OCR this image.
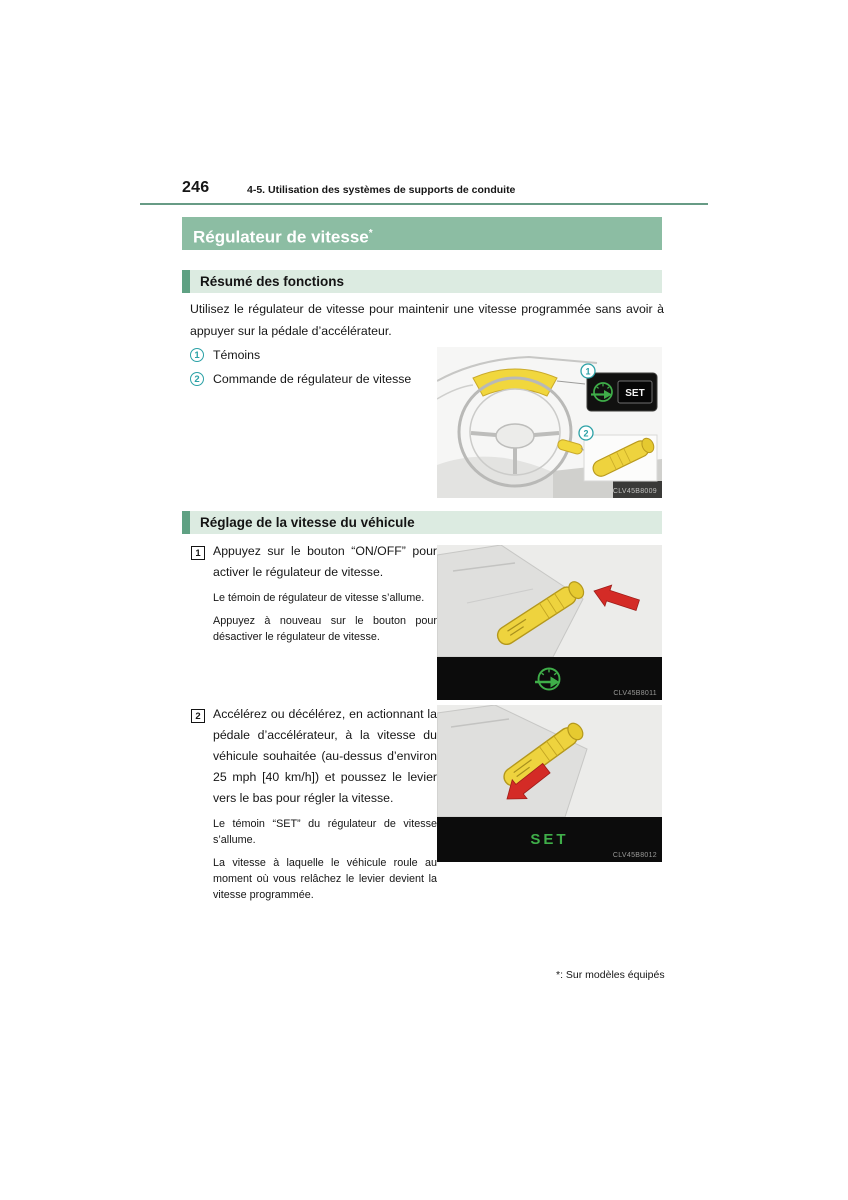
246	4-5. Utilisation des systèmes de supports de conduite
Régulateur de vitesse*
Résumé des fonctions

Utilisez le régulateur de vitesse pour maintenir une vitesse programmée sans avoir à appuyer sur la pédale d’accélérateur.

1	Témoins
2	Commande de régulateur de vitesse
SET
1
2
CLV45B8009
Réglage de la vitesse du véhicule
1	Appuyez sur le bouton “ON/OFF” pour activer le régulateur de vitesse.

Le témoin de régulateur de vitesse s’allume.

Appuyez à nouveau sur le bouton pour désactiver le régulateur de vitesse.

CLV45B8011
2	Accélérez ou décélérez, en actionnant la pédale d’accélérateur, à la vitesse du véhicule souhaitée (au-dessus d’environ 25 mph [40 km/h]) et poussez le levier vers le bas pour régler la vitesse.

Le témoin “SET” du régulateur de vitesse s’allume.

La vitesse à laquelle le véhicule roule au moment où vous relâchez le levier devient la vitesse programmée.

SET
CLV45B8012
*: Sur modèles équipés
